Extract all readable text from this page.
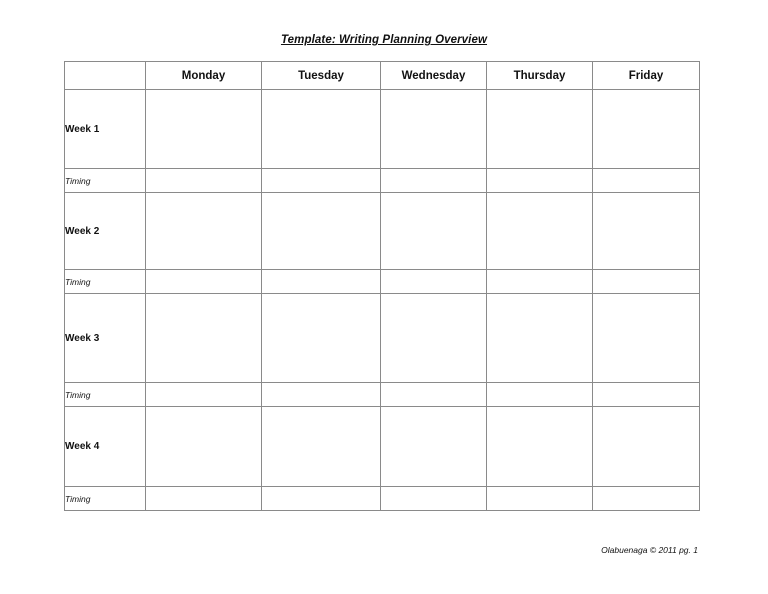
Template: Writing Planning Overview
	Monday	Tuesday	Wednesday	Thursday	Friday
Week 1					
Timing					
Week 2					
Timing					
Week 3					
Timing					
Week 4					
Timing					
Olabuenaga © 2011 pg. 1
